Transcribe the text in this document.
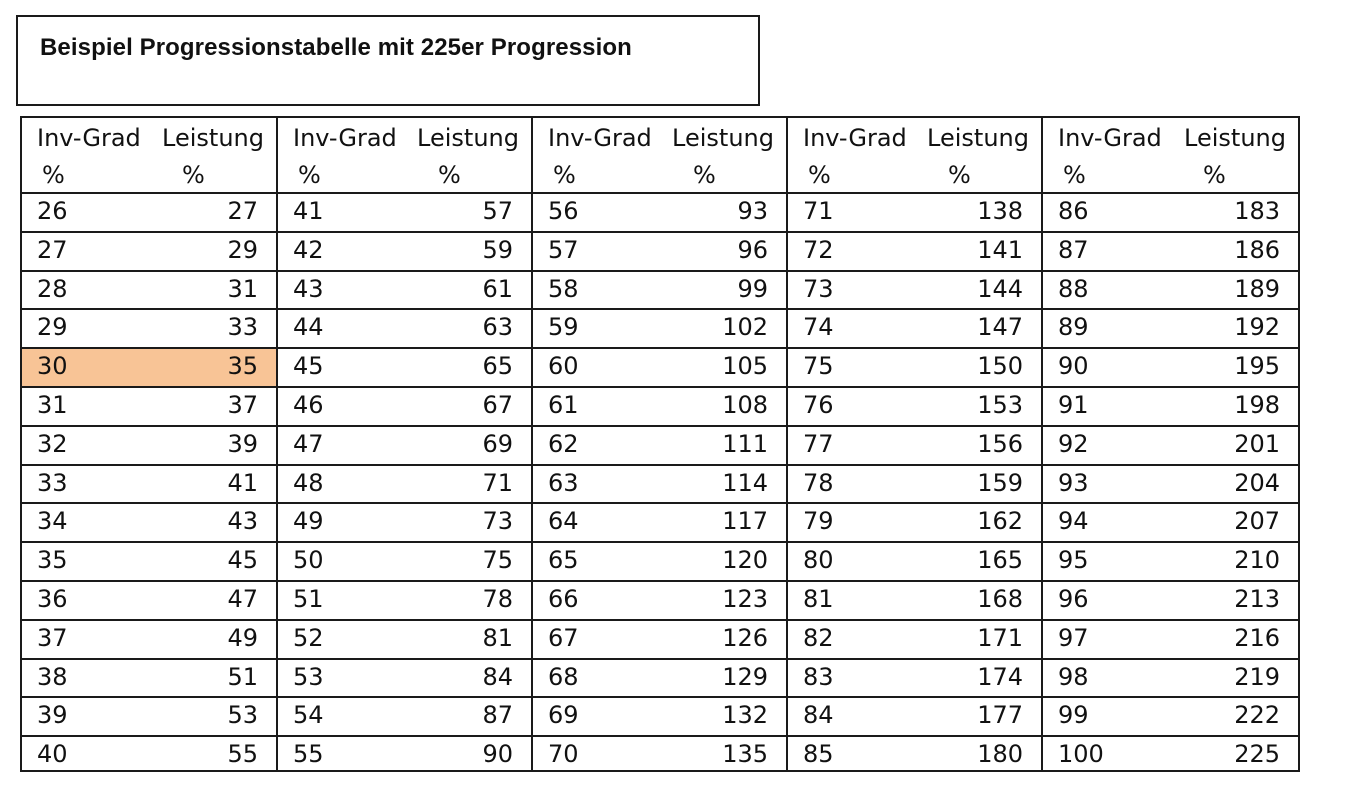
Beispiel Progressionstabelle mit 225er Progression
Inv-Grad Leistung
%	%
26	27
27	29
28	31
29	33
30	35
31	37
32	39
33	41
34	43
35	45
36	47
37	49
38	51
39	53
40	55
Inv-Grad Leistung
%	%
41	57
42	59
43	61
44	63
45	65
46	67
47	69
48	71
49	73
50	75
51	78
52	81
53	84
54	87
55	90
Inv-Grad Leistung
%	%
56	93
57	96
58	99
59	102
60	105
61	108
62	111
63	114
64	117
65	120
66	123
67	126
68	129
69	132
70	135
Inv-Grad Leistung
%	%
71	138
72	141
73	144
74	147
75	150
76	153
77	156
78	159
79	162
80	165
81	168
82	171
83	174
84	177
85	180
Inv-Grad Leistung
%	%
86	183
87	186
88	189
89	192
90	195
91	198
92	201
93	204
94	207
95	210
96	213
97	216
98	219
99	222
100	225
